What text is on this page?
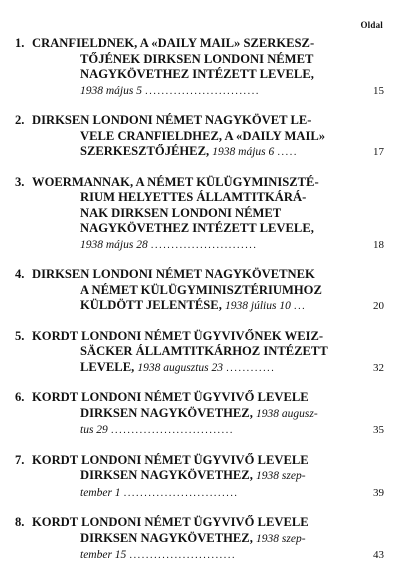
Oldal
1. CRANFIELDNEK, A «DAILY MAIL» SZERKESZ-
TŐJÉNEK DIRKSEN LONDONI NÉMET
NAGYKÖVETHEZ INTÉZETT LEVELE,
1938 május 5 ............................	15
2. DIRKSEN LONDONI NÉMET NAGYKÖVET LE-
VELE CRANFIELDHEZ, A «DAILY MAIL»
SZERKESZTŐJÉHEZ, 1938 május 6 .....	17
3. WOERMANNAK, A NÉMET KÜLÜGYMINISZTÉ-
RIUM HELYETTES ÁLLAMTITKÁRÁ-
NAK DIRKSEN LONDONI NÉMET
NAGYKÖVETHEZ INTÉZETT LEVELE,
1938 május 28 ..........................	18
4. DIRKSEN LONDONI NÉMET NAGYKÖVETNEK
A NÉMET KÜLÜGYMINISZTÉRIUMHOZ
KÜLDÖTT JELENTÉSE, 1938 július 10 ...	20
5. KORDT LONDONI NÉMET ÜGYVIVŐNEK WEIZ-
SÄCKER ÁLLAMTITKÁRHOZ INTÉZETT
LEVELE, 1938 augusztus 23 ............	32
6. KORDT LONDONI NÉMET ÜGYVIVŐ LEVELE
DIRKSEN NAGYKÖVETHEZ, 1938 augusz-
tus 29 ..............................	35
7. KORDT LONDONI NÉMET ÜGYVIVŐ LEVELE
DIRKSEN NAGYKÖVETHEZ, 1938 szep-
tember 1 ............................	39
8. KORDT LONDONI NÉMET ÜGYVIVŐ LEVELE
DIRKSEN NAGYKÖVETHEZ, 1938 szep-
tember 15 ..........................	43
